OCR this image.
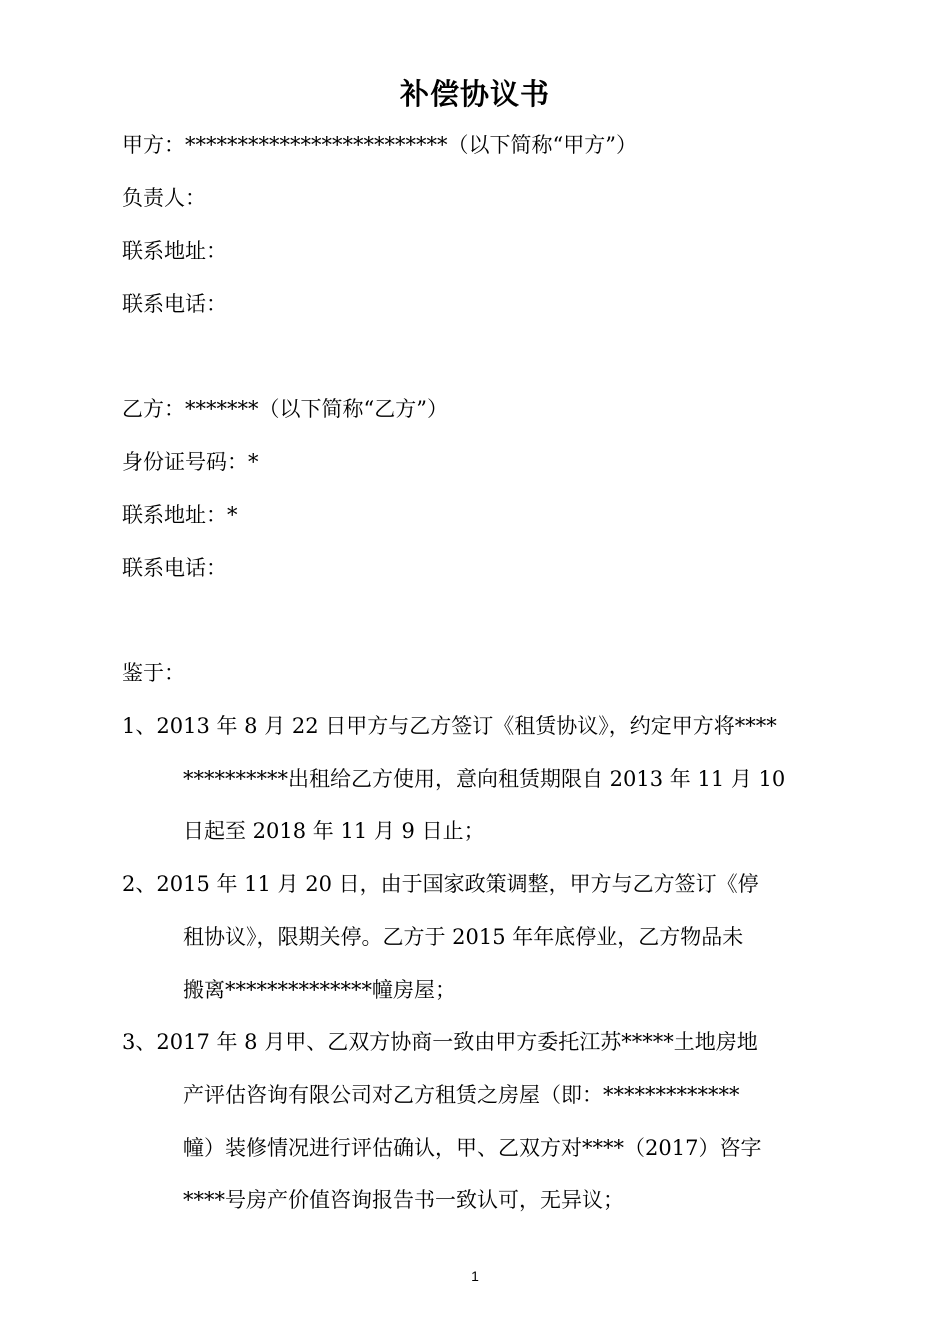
补偿协议书
甲方：*************************（以下简称“甲方”）
负责人：
联系地址：
联系电话：
乙方：*******（以下简称“乙方”）
身份证号码：*
联系地址：*
联系电话：
鉴于：
1、2013 年 8 月 22 日甲方与乙方签订《租赁协议》，约定甲方将****
**********出租给乙方使用，意向租赁期限自 2013 年 11 月 10
日起至 2018 年 11 月 9 日止；
2、2015 年 11 月 20 日，由于国家政策调整，甲方与乙方签订《停
租协议》，限期关停。乙方于 2015 年年底停业，乙方物品未
搬离**************幢房屋；
3、2017 年 8 月甲、乙双方协商一致由甲方委托江苏*****土地房地
产评估咨询有限公司对乙方租赁之房屋（即：*************
幢）装修情况进行评估确认，甲、乙双方对****（2017）咨字
****号房产价值咨询报告书一致认可，无异议；
1
